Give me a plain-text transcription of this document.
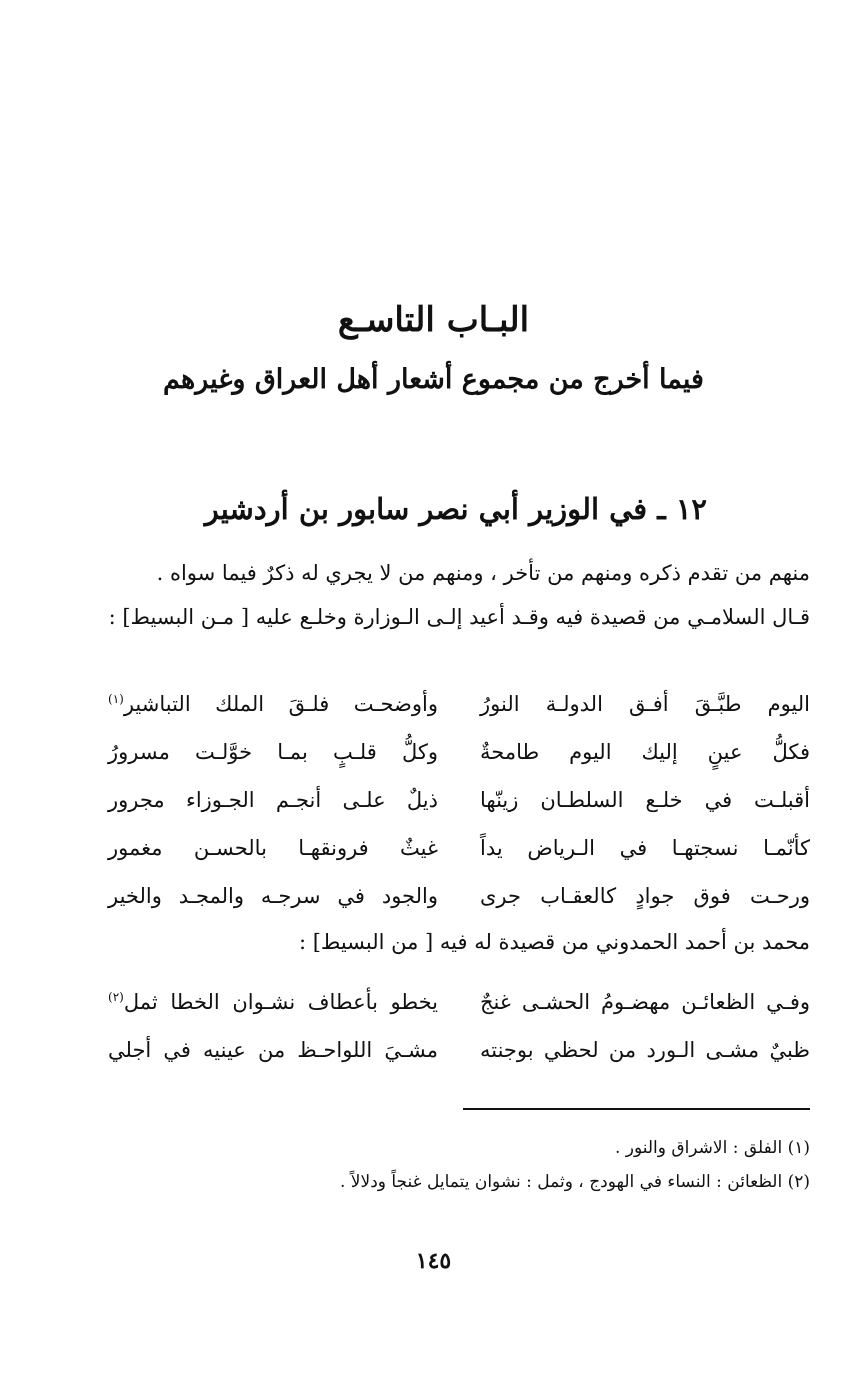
البـاب التاسـع
فيما أخرج من مجموع أشعار أهل العراق وغيرهم
١٢ ـ في الوزير أبي نصر سابور بن أردشير
منهم من تقدم ذكره ومنهم من تأخر ، ومنهم من لا يجري له ذكرٌ فيما سواه .
قـال السلامـي من قصيدة فيه وقـد أعيد إلـى الـوزارة وخلـع عليه [ مـن البسيط] :
اليوم طبَّـقَ أفـق الدولـة النورُ
وأوضحـت فلـقَ الملك التباشير$^{(١)}$
فكلُّ عينٍ إليك اليوم طامحةٌ
وكلُّ قلـبٍ بمـا خوَّلـت مسرورُ
أقبلـت في خلـع السلطـان زينّها
ذيلٌ علـى أنجـم الجـوزاء مجرور
كأنّمـا نسجتهـا في الـرياض يداً
غيثٌ فرونقهـا بالحسـن مغمور
ورحـت فوق جوادٍ كالعقـاب جرى
والجود في سرجـه والمجـد والخير
محمد بن أحمد الحمدوني من قصيدة له فيه [ من البسيط] :
وفـي الظعائـن مهضـومُ الحشـى غنجٌ
يخطو بأعطاف نشـوان الخطا ثمل$^{(٢)}$
ظبيٌ مشـى الـورد من لحظي بوجنته
مشـيَ اللواحـظ من عينيه في أجلي
(١) الفلق : الاشراق والنور .
(٢) الظعائن : النساء في الهودج ، وثمل : نشوان يتمايل غنجاً ودلالاً .
١٤٥
